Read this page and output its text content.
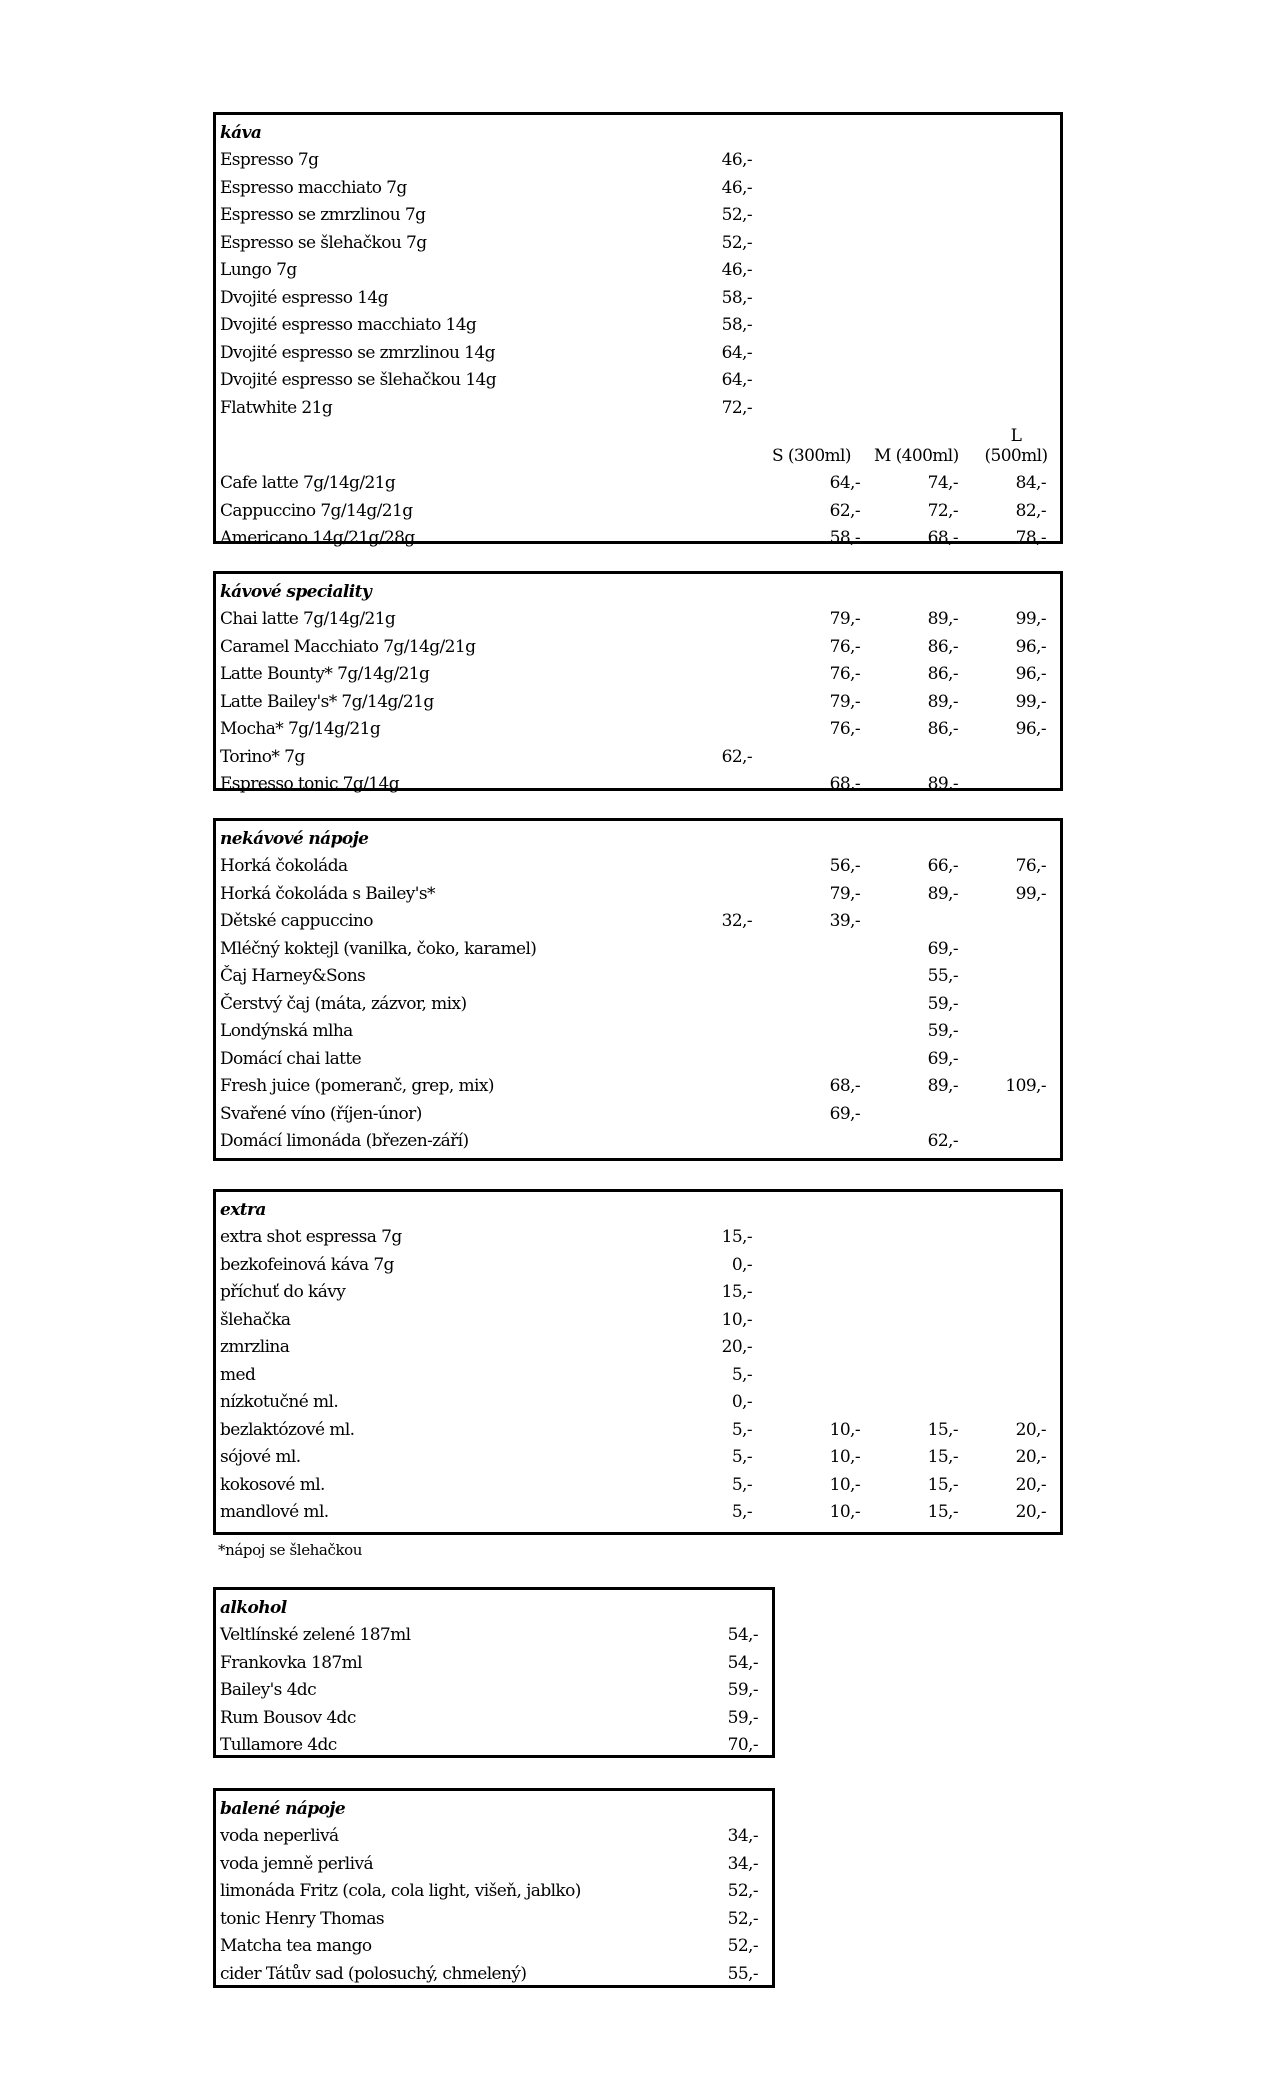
káva				
Espresso 7g	46,-			
Espresso macchiato 7g	46,-			
Espresso se zmrzlinou 7g	52,-			
Espresso se šlehačkou 7g	52,-			
Lungo 7g	46,-			
Dvojité espresso 14g	58,-			
Dvojité espresso macchiato 14g	58,-			
Dvojité espresso se zmrzlinou 14g	64,-			
Dvojité espresso se šlehačkou 14g	64,-			
Flatwhite 21g	72,-			
		S (300ml)	M (400ml)	L
(500ml)

Cafe latte 7g/14g/21g		64,-	74,-	84,-
Cappuccino 7g/14g/21g		62,-	72,-	82,-
Americano 14g/21g/28g		58,-	68,-	78,-
kávové speciality				
Chai latte 7g/14g/21g		79,-	89,-	99,-
Caramel Macchiato 7g/14g/21g		76,-	86,-	96,-
Latte Bounty* 7g/14g/21g		76,-	86,-	96,-
Latte Bailey's* 7g/14g/21g		79,-	89,-	99,-
Mocha* 7g/14g/21g		76,-	86,-	96,-
Torino* 7g	62,-			
Espresso tonic 7g/14g		68,-	89,-	
nekávové nápoje				
Horká čokoláda		56,-	66,-	76,-
Horká čokoláda s Bailey's*		79,-	89,-	99,-
Dětské cappuccino	32,-	39,-		
Mléčný koktejl (vanilka, čoko, karamel)			69,-	
Čaj Harney&Sons			55,-	
Čerstvý čaj (máta, zázvor, mix)			59,-	
Londýnská mlha			59,-	
Domácí chai latte			69,-	
Fresh juice (pomeranč, grep, mix)		68,-	89,-	109,-
Svařené víno (říjen-únor)		69,-		
Domácí limonáda (březen-září)			62,-	
extra				
extra shot espressa 7g	15,-			
bezkofeinová káva 7g	0,-			
příchuť do kávy	15,-			
šlehačka	10,-			
zmrzlina	20,-			
med	5,-			
nízkotučné ml.	0,-			
bezlaktózové ml.	5,-	10,-	15,-	20,-
sójové ml.	5,-	10,-	15,-	20,-
kokosové ml.	5,-	10,-	15,-	20,-
mandlové ml.	5,-	10,-	15,-	20,-
*nápoj se šlehačkou
alkohol	
Veltlínské zelené 187ml	54,-
Frankovka 187ml	54,-
Bailey's 4dc	59,-
Rum Bousov 4dc	59,-
Tullamore 4dc	70,-
balené nápoje	
voda neperlivá	34,-
voda jemně perlivá	34,-
limonáda Fritz (cola, cola light, višeň, jablko)	52,-
tonic Henry Thomas	52,-
Matcha tea mango	52,-
cider Tátův sad (polosuchý, chmelený)	55,-
